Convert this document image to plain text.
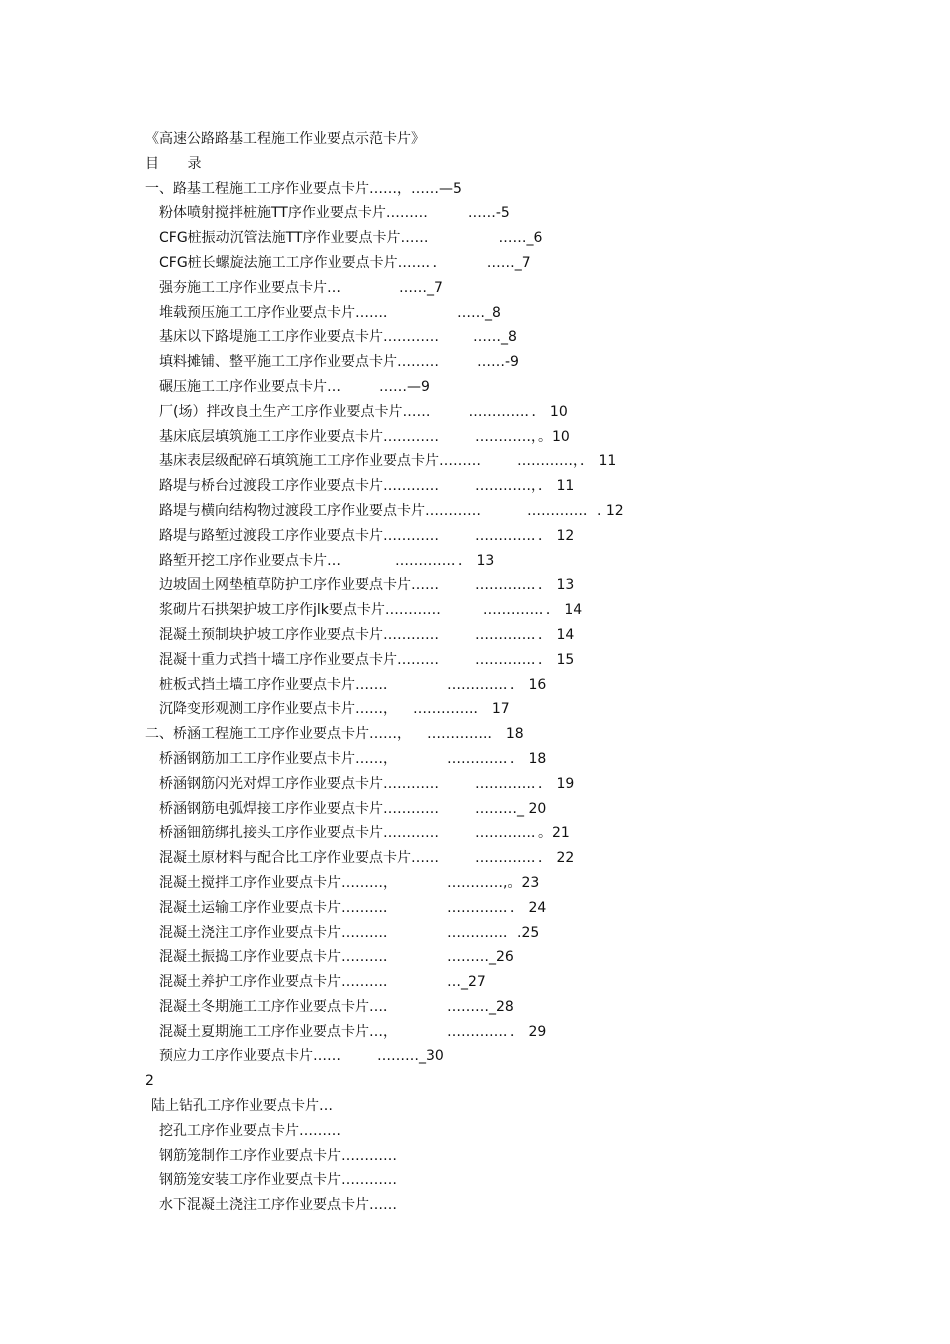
《高速公路路基工程施工作业要点示范卡片》
目 录
一、路基工程施工工序作业要点卡片……，……—5
粉体喷射搅拌桩施TT序作业要点卡片………	……-5
CFG桩振动沉管法施TT序作业要点卡片……	……_6
CFG桩长螺旋法施工工序作业要点卡片……．．	……_7
强夯施工工序作业要点卡片…	……_7
堆载预压施工工序作业要点卡片……．	……_8
基床以下路堤施工工序作业要点卡片………… ……_8
填料摊铺、整平施工工序作业要点卡片………	……-9
碾压施工工序作业要点卡片…	……—9
厂(场）拌改良土生产工序作业要点卡片……	…………．． 10
基床底层填筑施工工序作业要点卡片…………	…………，。10
基床表层级配碎石填筑施工工序作业要点卡片………	…………，． 11
路堤与桥台过渡段工序作业要点卡片…………	…………，． 11
路堤与横向结构物过渡段工序作业要点卡片…………	…………．. 12
路堤与路堑过渡段工序作业要点卡片…………	…………．． 12
路堑开挖工序作业要点卡片…	…………．． 13
边坡固土网垫植草防护工序作业要点卡片……	…………．． 13
浆砌片石拱架护坡工序作jlk要点卡片…………	…………．． 14
混凝土预制块护坡工序作业要点卡片…………	…………．． 14
混凝十重力式挡十墙工序作业要点卡片………	…………．． 15
桩板式挡土墙工序作业要点卡片……．	…………．． 16
沉降变形观测工序作业要点卡片……， ………….． 17
二、桥涵工程施工工序作业要点卡片……， ………….． 18
桥涵钢筋加工工序作业要点卡片……，	…………．． 18
桥涵钢筋闪光对焊工序作业要点卡片…………	…………．． 19
桥涵钢筋电弧焊接工序作业要点卡片…………	………_ 20
桥涵钿筋绑扎接头工序作业要点卡片…………	…………．。21
混凝土原材料与配合比工序作业要点卡片……	…………．． 22
混凝土搅拌工序作业要点卡片………，	…………,。23
混凝土运输工序作业要点卡片………．	…………．． 24
混凝土浇注工序作业要点卡片………．	…………．.25
混凝土振捣工序作业要点卡片………．	………_26
混凝土养护工序作业要点卡片………．	…_27
混凝土冬期施工工序作业要点卡片…．	………_28
混凝土夏期施工工序作业要点卡片…，	…………．． 29
预应力工序作业要点卡片……	………_30
2
陆上钻孔工序作业要点卡片…
挖孔工序作业要点卡片………
钢筋笼制作工序作业要点卡片…………
钢筋笼安装工序作业要点卡片…………
水下混凝土浇注工序作业要点卡片……
